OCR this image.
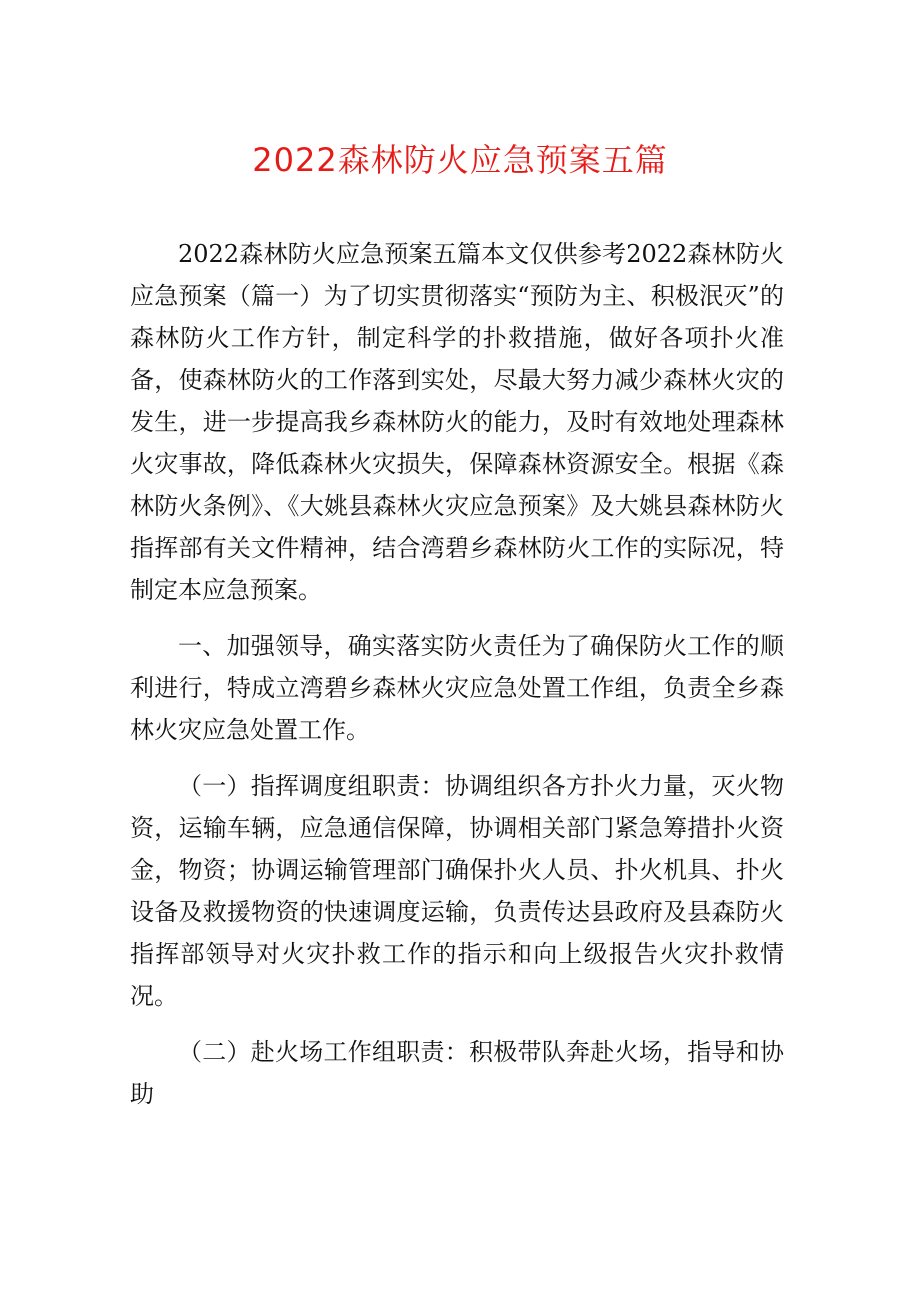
2022森林防火应急预案五篇

2022森林防火应急预案五篇本文仅供参考2022森林防火应急预案（篇一）为了切实贯彻落实“预防为主、积极泯灭”的森林防火工作方针，制定科学的扑救措施，做好各项扑火准备，使森林防火的工作落到实处，尽最大努力减少森林火灾的发生，进一步提高我乡森林防火的能力，及时有效地处理森林火灾事故，降低森林火灾损失，保障森林资源安全。根据《森林防火条例》、《大姚县森林火灾应急预案》及大姚县森林防火指挥部有关文件精神，结合湾碧乡森林防火工作的实际况，特制定本应急预案。

一、加强领导，确实落实防火责任为了确保防火工作的顺利进行，特成立湾碧乡森林火灾应急处置工作组，负责全乡森林火灾应急处置工作。

（一）指挥调度组职责：协调组织各方扑火力量，灭火物资，运输车辆，应急通信保障，协调相关部门紧急筹措扑火资金，物资；协调运输管理部门确保扑火人员、扑火机具、扑火设备及救援物资的快速调度运输，负责传达县政府及县森防火指挥部领导对火灾扑救工作的指示和向上级报告火灾扑救情况。

（二）赴火场工作组职责：积极带队奔赴火场，指导和协助
